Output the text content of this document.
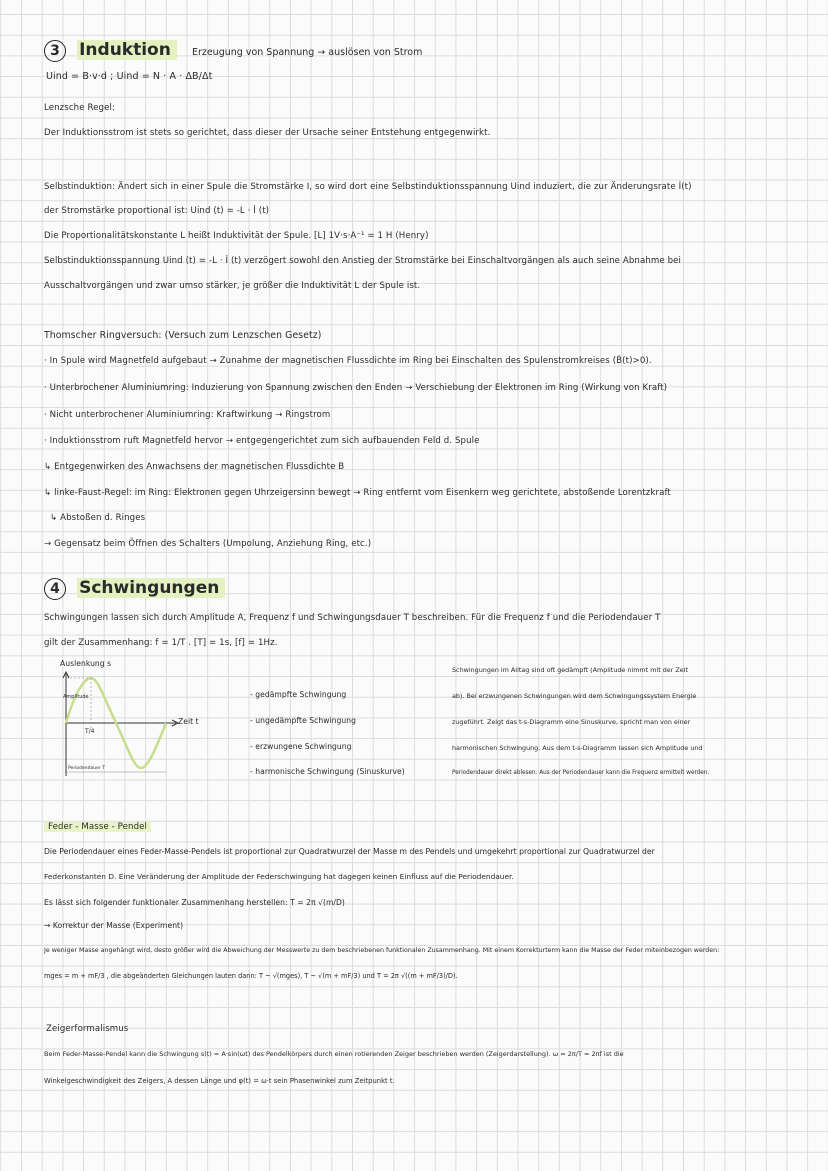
3 Induktion Erzeugung von Spannung → auslösen von Strom
Uind = B·v·d ; Uind = N · A · ΔB/Δt
Lenzsche Regel:
Der Induktionsstrom ist stets so gerichtet, dass dieser der Ursache seiner Entstehung entgegenwirkt.
Selbstinduktion: Ändert sich in einer Spule die Stromstärke I, so wird dort eine Selbstinduktionsspannung Uind induziert, die zur Änderungsrate İ(t)
der Stromstärke proportional ist: Uind (t) = -L · İ (t)
Die Proportionalitätskonstante L heißt Induktivität der Spule. [L] 1V·s·A⁻¹ = 1 H (Henry)
Selbstinduktionsspannung Uind (t) = -L · İ (t) verzögert sowohl den Anstieg der Stromstärke bei Einschaltvorgängen als auch seine Abnahme bei
Ausschaltvorgängen und zwar umso stärker, je größer die Induktivität L der Spule ist.
Thomscher Ringversuch: (Versuch zum Lenzschen Gesetz)
· In Spule wird Magnetfeld aufgebaut → Zunahme der magnetischen Flussdichte im Ring bei Einschalten des Spulenstromkreises (Ḃ(t)>0).
· Unterbrochener Aluminiumring: Induzierung von Spannung zwischen den Enden → Verschiebung der Elektronen im Ring (Wirkung von Kraft)
· Nicht unterbrochener Aluminiumring: Kraftwirkung → Ringstrom
· Induktionsstrom ruft Magnetfeld hervor → entgegengerichtet zum sich aufbauenden Feld d. Spule
↳ Entgegenwirken des Anwachsens der magnetischen Flussdichte B
↳ linke-Faust-Regel: im Ring: Elektronen gegen Uhrzeigersinn bewegt → Ring entfernt vom Eisenkern weg gerichtete, abstoßende Lorentzkraft
↳ Abstoßen d. Ringes
→ Gegensatz beim Öffnen des Schalters (Umpolung, Anziehung Ring, etc.)
4 Schwingungen
Schwingungen lassen sich durch Amplitude A, Frequenz f und Schwingungsdauer T beschreiben. Für die Frequenz f und die Periodendauer T
gilt der Zusammenhang: f = 1/T . [T] = 1s, [f] = 1Hz.
Auslenkung s
Amplitude
T/4
Periodendauer T
Zeit t
- gedämpfte Schwingung
- ungedämpfte Schwingung
- erzwungene Schwingung
- harmonische Schwingung (Sinuskurve)
Schwingungen im Alltag sind oft gedämpft (Amplitude nimmt mit der Zeit
ab). Bei erzwungenen Schwingungen wird dem Schwingungssystem Energie
zugeführt. Zeigt das t-s-Diagramm eine Sinuskurve, spricht man von einer
harmonischen Schwingung. Aus dem t-s-Diagramm lassen sich Amplitude und
Periodendauer direkt ablesen. Aus der Periodendauer kann die Frequenz ermittelt werden.
Feder - Masse - Pendel
Die Periodendauer eines Feder-Masse-Pendels ist proportional zur Quadratwurzel der Masse m des Pendels und umgekehrt proportional zur Quadratwurzel der
Federkonstanten D. Eine Veränderung der Amplitude der Federschwingung hat dagegen keinen Einfluss auf die Periodendauer.
Es lässt sich folgender funktionaler Zusammenhang herstellen: T = 2π √(m/D)
→ Korrektur der Masse (Experiment)
Je weniger Masse angehängt wird, desto größer wird die Abweichung der Messwerte zu dem beschriebenen funktionalen Zusammenhang. Mit einem Korrekturterm kann die Masse der Feder miteinbezogen werden:
mges = m + mF/3 , die abgeänderten Gleichungen lauten dann: T ~ √(mges), T ~ √(m + mF/3) und T = 2π √((m + mF/3)/D).
Zeigerformalismus
Beim Feder-Masse-Pendel kann die Schwingung s(t) = A·sin(ωt) des Pendelkörpers durch einen rotierenden Zeiger beschrieben werden (Zeigerdarstellung). ω = 2π/T = 2πf ist die
Winkelgeschwindigkeit des Zeigers, A dessen Länge und φ(t) = ω·t sein Phasenwinkel zum Zeitpunkt t.
